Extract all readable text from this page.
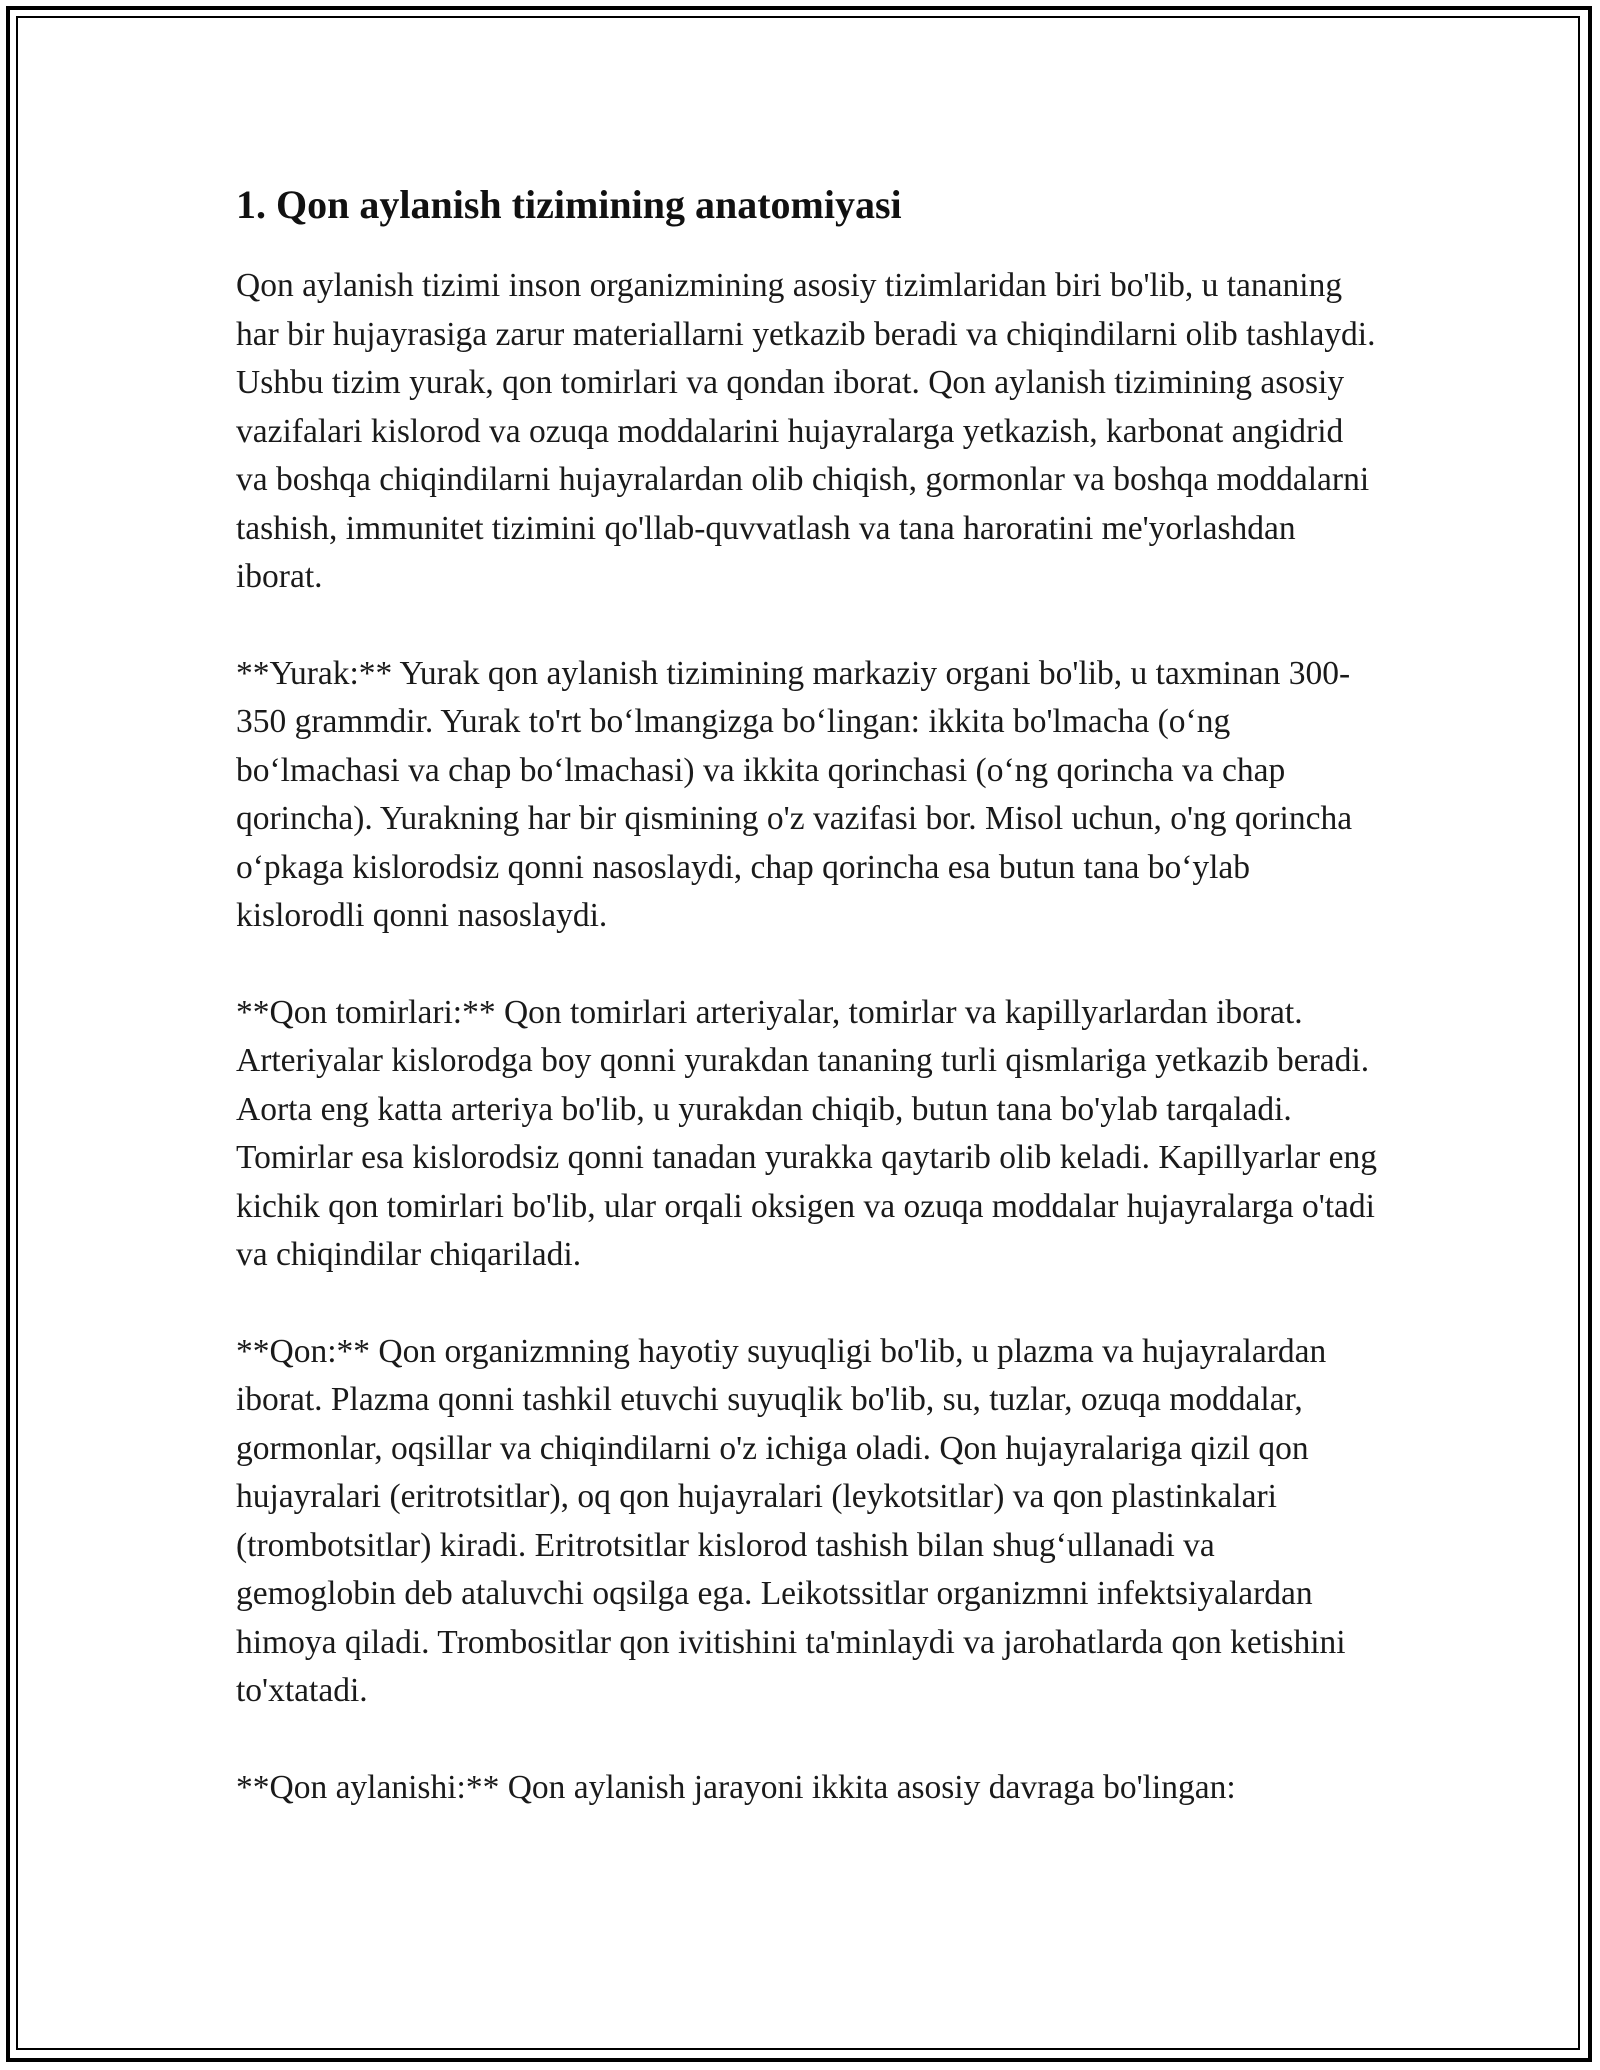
1. Qon aylanish tizimining anatomiyasi

Qon aylanish tizimi inson organizmining asosiy tizimlaridan biri bo'lib, u tananing har bir hujayrasiga zarur materiallarni yetkazib beradi va chiqindilarni olib tashlaydi. Ushbu tizim yurak, qon tomirlari va qondan iborat. Qon aylanish tizimining asosiy vazifalari kislorod va ozuqa moddalarini hujayralarga yetkazish, karbonat angidrid va boshqa chiqindilarni hujayralardan olib chiqish, gormonlar va boshqa moddalarni tashish, immunitet tizimini qo'llab-quvvatlash va tana haroratini me'yorlashdan iborat.

**Yurak:** Yurak qon aylanish tizimining markaziy organi bo'lib, u taxminan 300-350 grammdir. Yurak to'rt bo‘lmangizga bo‘lingan: ikkita bo'lmacha (o‘ng bo‘lmachasi va chap bo‘lmachasi) va ikkita qorinchasi (o‘ng qorincha va chap qorincha). Yurakning har bir qismining o'z vazifasi bor. Misol uchun, o'ng qorincha o‘pkaga kislorodsiz qonni nasoslaydi, chap qorincha esa butun tana bo‘ylab kislorodli qonni nasoslaydi.

**Qon tomirlari:** Qon tomirlari arteriyalar, tomirlar va kapillyarlardan iborat. Arteriyalar kislorodga boy qonni yurakdan tananing turli qismlariga yetkazib beradi. Aorta eng katta arteriya bo'lib, u yurakdan chiqib, butun tana bo'ylab tarqaladi. Tomirlar esa kislorodsiz qonni tanadan yurakka qaytarib olib keladi. Kapillyarlar eng kichik qon tomirlari bo'lib, ular orqali oksigen va ozuqa moddalar hujayralarga o'tadi va chiqindilar chiqariladi.

**Qon:** Qon organizmning hayotiy suyuqligi bo'lib, u plazma va hujayralardan iborat. Plazma qonni tashkil etuvchi suyuqlik bo'lib, su, tuzlar, ozuqa moddalar, gormonlar, oqsillar va chiqindilarni o'z ichiga oladi. Qon hujayralariga qizil qon hujayralari (eritrotsitlar), oq qon hujayralari (leykotsitlar) va qon plastinkalari (trombotsitlar) kiradi. Eritrotsitlar kislorod tashish bilan shug‘ullanadi va gemoglobin deb ataluvchi oqsilga ega. Leikotssitlar organizmni infektsiyalardan himoya qiladi. Trombositlar qon ivitishini ta'minlaydi va jarohatlarda qon ketishini to'xtatadi.

**Qon aylanishi:** Qon aylanish jarayoni ikkita asosiy davraga bo'lingan:
